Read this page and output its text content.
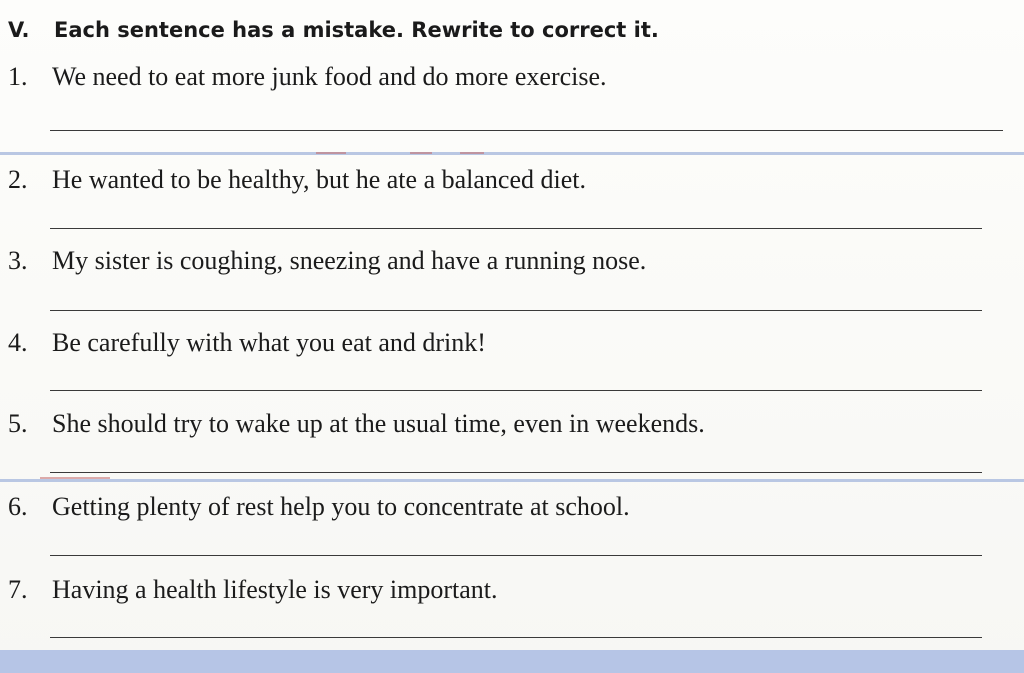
V. Each sentence has a mistake. Rewrite to correct it.
1. We need to eat more junk food and do more exercise.
2. He wanted to be healthy, but he ate a balanced diet.
3. My sister is coughing, sneezing and have a running nose.
4. Be carefully with what you eat and drink!
5. She should try to wake up at the usual time, even in weekends.
6. Getting plenty of rest help you to concentrate at school.
7. Having a health lifestyle is very important.
